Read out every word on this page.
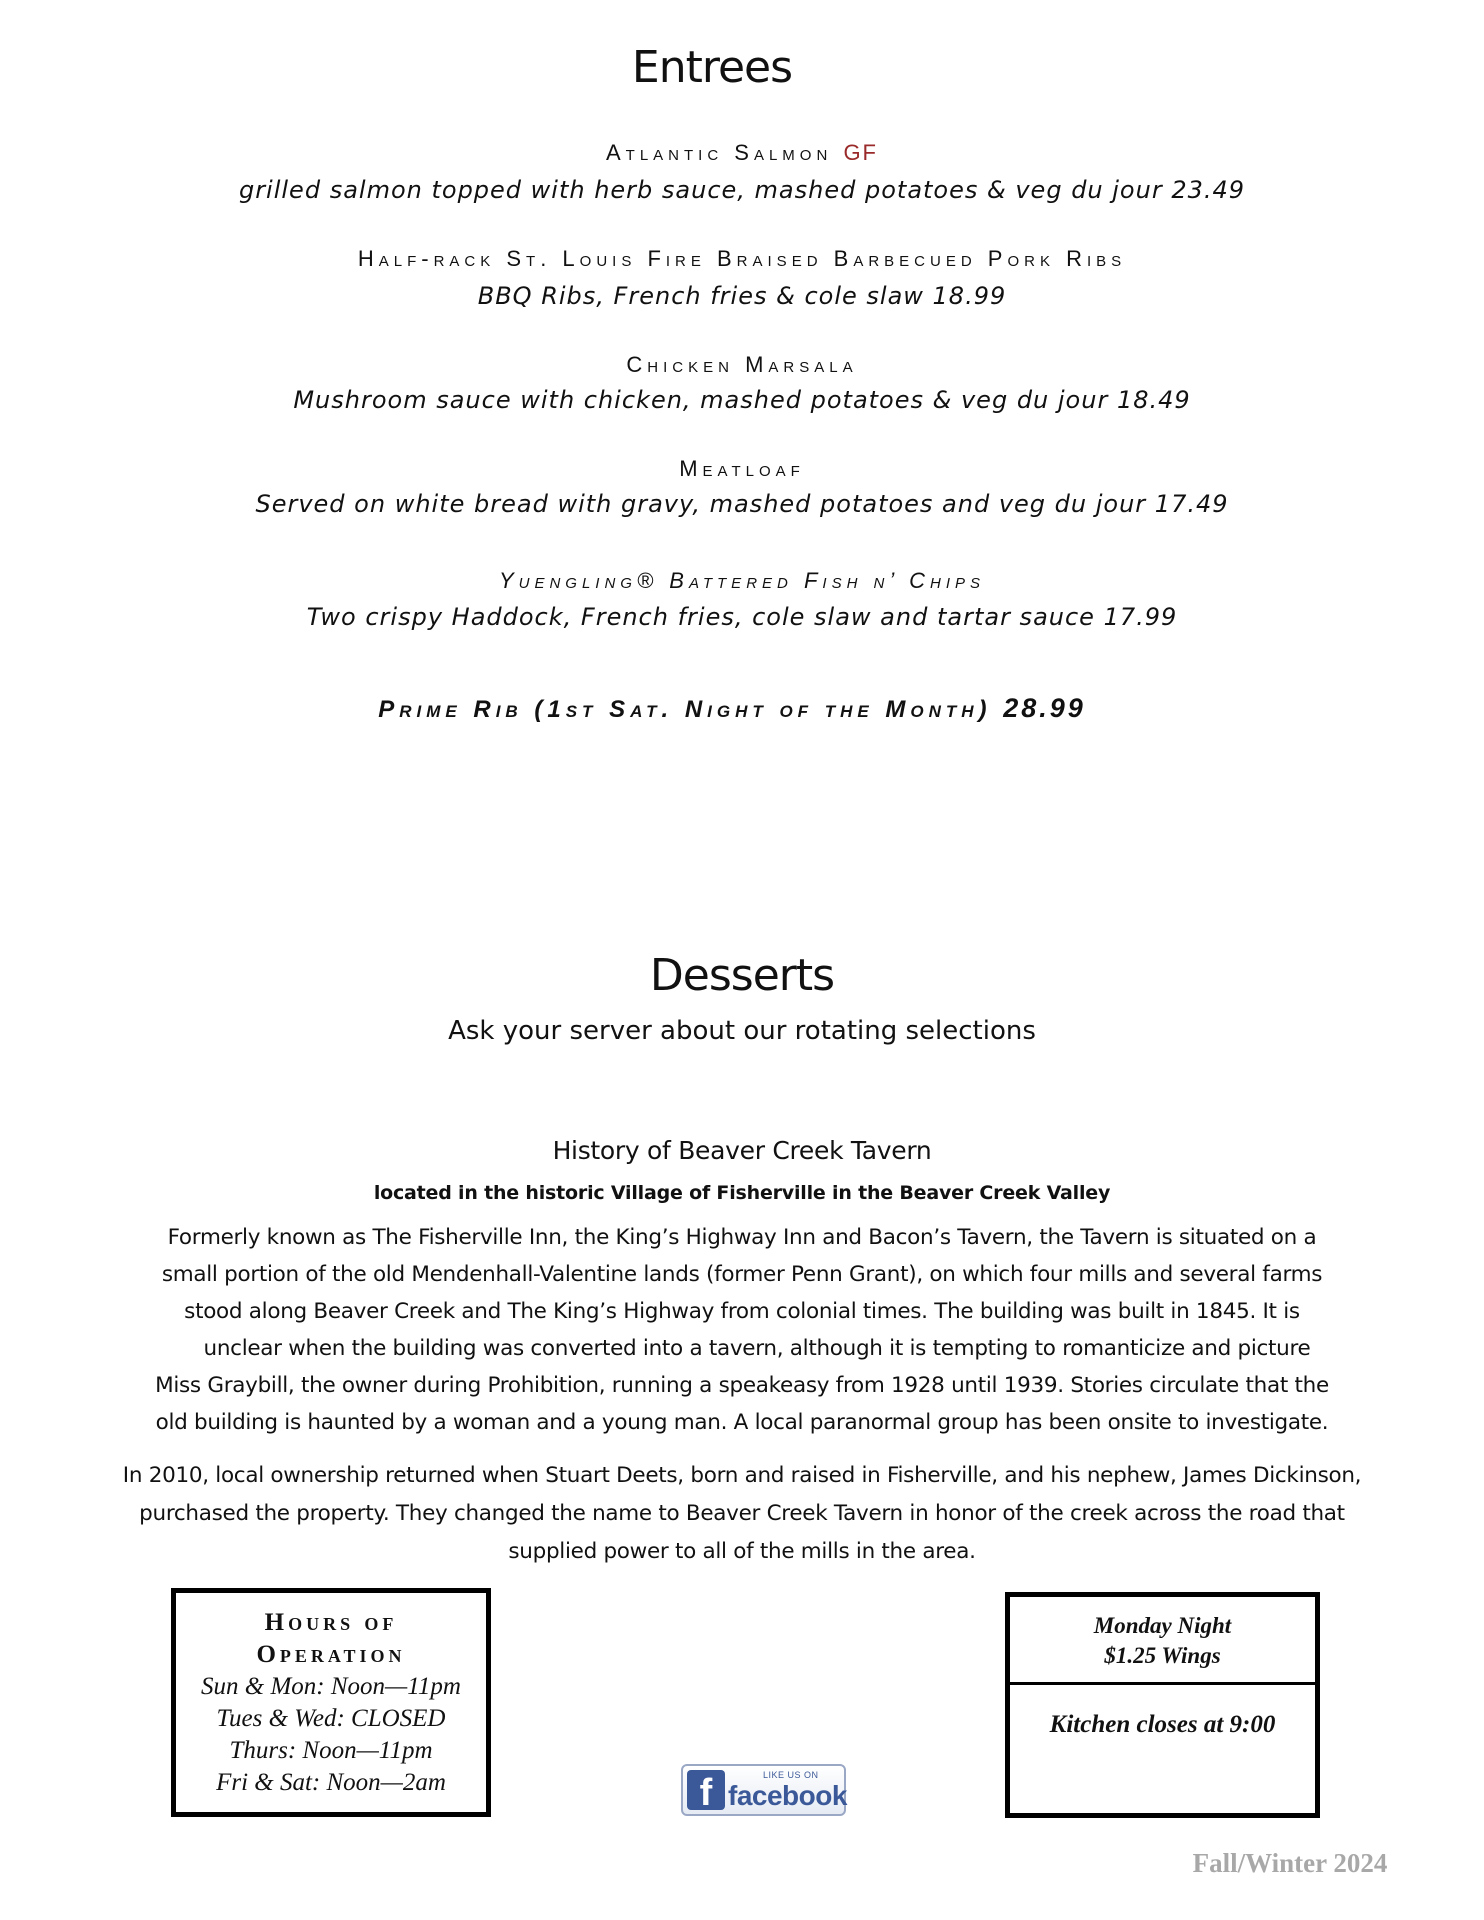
Entrees
Atlantic Salmon GF
grilled salmon topped with herb sauce, mashed potatoes & veg du jour 23.49
Half-rack St. Louis Fire Braised Barbecued Pork Ribs
BBQ Ribs, French fries & cole slaw 18.99
Chicken Marsala
Mushroom sauce with chicken, mashed potatoes & veg du jour 18.49
Meatloaf
Served on white bread with gravy, mashed potatoes and veg du jour 17.49
Yuengling® Battered Fish n’ Chips
Two crispy Haddock, French fries, cole slaw and tartar sauce 17.99
Prime Rib (1st Sat. Night of the Month) 28.99
Desserts
Ask your server about our rotating selections
History of Beaver Creek Tavern
located in the historic Village of Fisherville in the Beaver Creek Valley
Formerly known as The Fisherville Inn, the King’s Highway Inn and Bacon’s Tavern, the Tavern is situated on a
small portion of the old Mendenhall-Valentine lands (former Penn Grant), on which four mills and several farms
stood along Beaver Creek and The King’s Highway from colonial times. The building was built in 1845. It is
unclear when the building was converted into a tavern, although it is tempting to romanticize and picture
Miss Graybill, the owner during Prohibition, running a speakeasy from 1928 until 1939. Stories circulate that the
old building is haunted by a woman and a young man. A local paranormal group has been onsite to investigate.
In 2010, local ownership returned when Stuart Deets, born and raised in Fisherville, and his nephew, James Dickinson,
purchased the property. They changed the name to Beaver Creek Tavern in honor of the creek across the road that
supplied power to all of the mills in the area.
Hours of
Operation
Sun & Mon: Noon—11pm
Tues & Wed: CLOSED
Thurs: Noon—11pm
Fri & Sat: Noon—2am	f	LIKE US ON
facebook
Monday Night
$1.25 Wings
Kitchen closes at 9:00
Fall/Winter 2024
